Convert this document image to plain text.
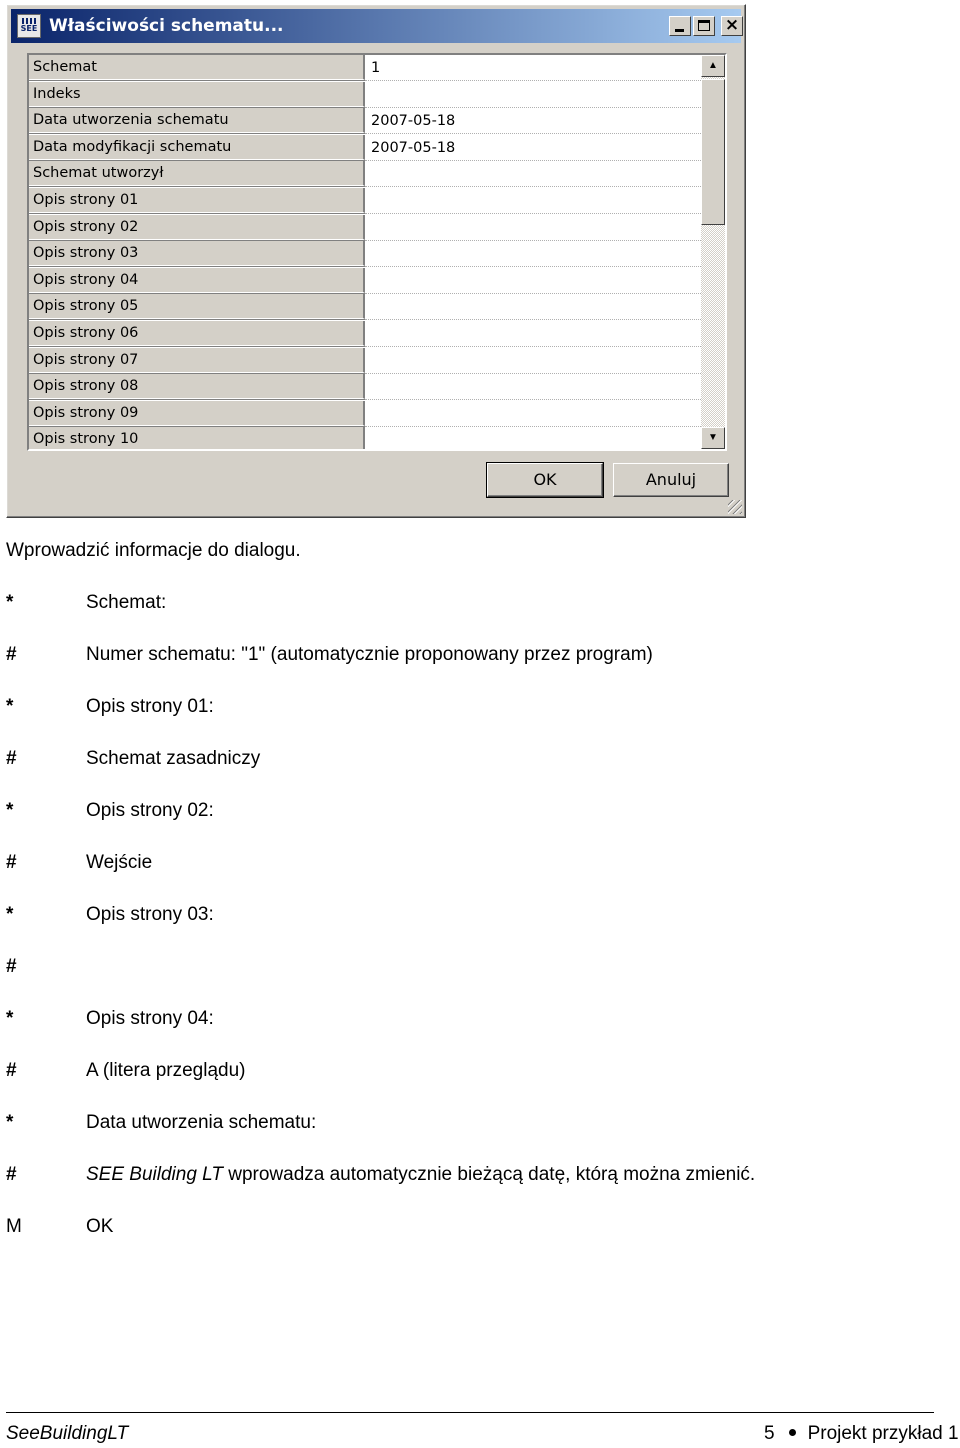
SEE Właściwości schematu...	×
Schemat	1
Indeks
Data utworzenia schematu	2007-05-18
Data modyfikacji schematu	2007-05-18
Schemat utworzył
Opis strony 01
Opis strony 02
Opis strony 03
Opis strony 04
Opis strony 05
Opis strony 06
Opis strony 07
Opis strony 08
Opis strony 09
Opis strony 10
▲
▼
OK	Anuluj
Wprowadzić informacje do dialogu.
*	Schemat:
#	Numer schematu: "1" (automatycznie proponowany przez program)
*	Opis strony 01:
#	Schemat zasadniczy
*	Opis strony 02:
#	Wejście
*	Opis strony 03:
#
*	Opis strony 04:
#	A (litera przeglądu)
*	Data utworzenia schematu:
#	SEE Building LT wprowadza automatycznie bieżącą datę, którą można zmienić.
M	OK
SeeBuildingLT	5 Projekt przykład 1
